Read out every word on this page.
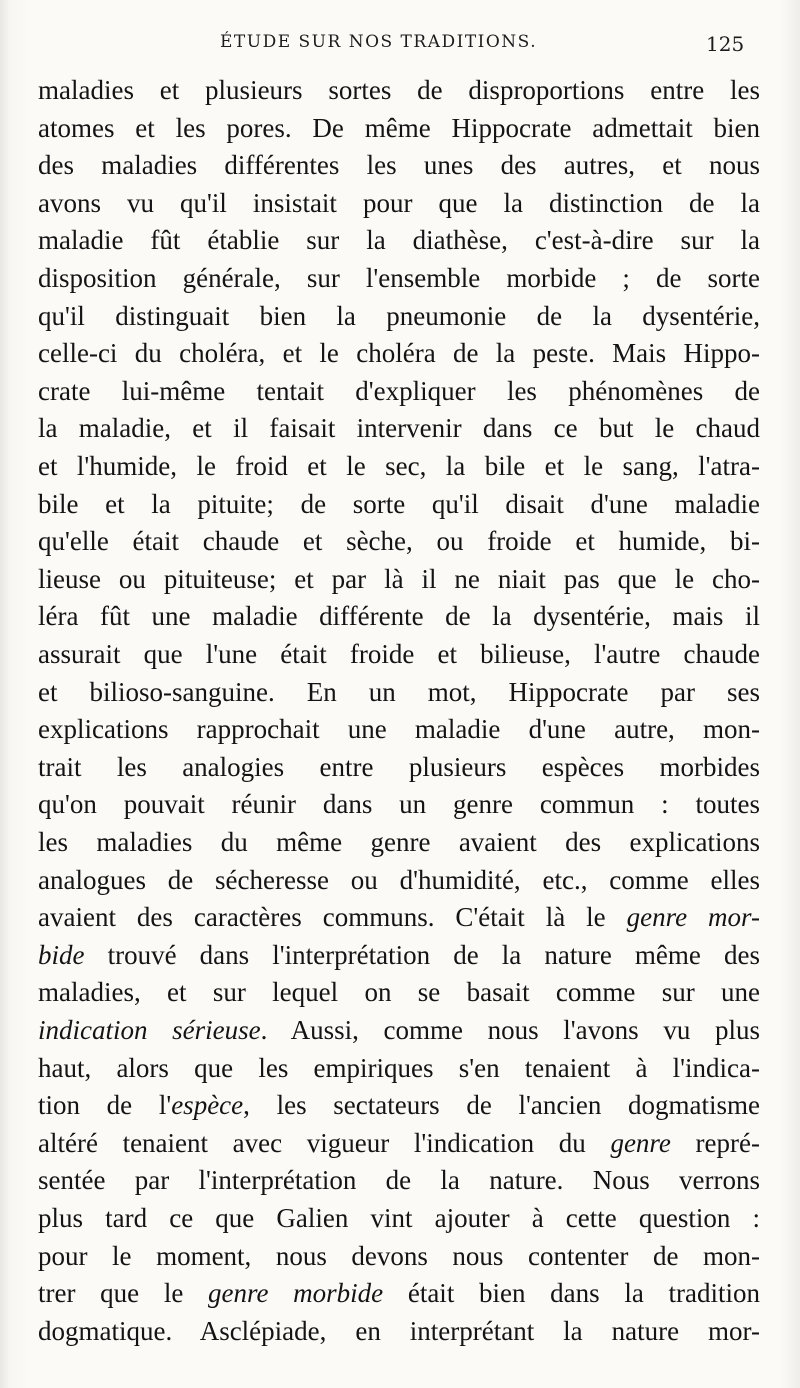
ÉTUDE SUR NOS TRADITIONS.	125
maladies et plusieurs sortes de disproportions entre les
atomes et les pores. De même Hippocrate admettait bien
des maladies différentes les unes des autres, et nous
avons vu qu'il insistait pour que la distinction de la
maladie fût établie sur la diathèse, c'est-à-dire sur la
disposition générale, sur l'ensemble morbide ; de sorte
qu'il distinguait bien la pneumonie de la dysentérie,
celle-ci du choléra, et le choléra de la peste. Mais Hippo-
crate lui-même tentait d'expliquer les phénomènes de
la maladie, et il faisait intervenir dans ce but le chaud
et l'humide, le froid et le sec, la bile et le sang, l'atra-
bile et la pituite; de sorte qu'il disait d'une maladie
qu'elle était chaude et sèche, ou froide et humide, bi-
lieuse ou pituiteuse; et par là il ne niait pas que le cho-
léra fût une maladie différente de la dysentérie, mais il
assurait que l'une était froide et bilieuse, l'autre chaude
et bilioso-sanguine. En un mot, Hippocrate par ses
explications rapprochait une maladie d'une autre, mon-
trait les analogies entre plusieurs espèces morbides
qu'on pouvait réunir dans un genre commun : toutes
les maladies du même genre avaient des explications
analogues de sécheresse ou d'humidité, etc., comme elles
avaient des caractères communs. C'était là le genre mor-
bide trouvé dans l'interprétation de la nature même des
maladies, et sur lequel on se basait comme sur une
indication sérieuse. Aussi, comme nous l'avons vu plus
haut, alors que les empiriques s'en tenaient à l'indica-
tion de l'espèce, les sectateurs de l'ancien dogmatisme
altéré tenaient avec vigueur l'indication du genre repré-
sentée par l'interprétation de la nature. Nous verrons
plus tard ce que Galien vint ajouter à cette question :
pour le moment, nous devons nous contenter de mon-
trer que le genre morbide était bien dans la tradition
dogmatique. Asclépiade, en interprétant la nature mor-
